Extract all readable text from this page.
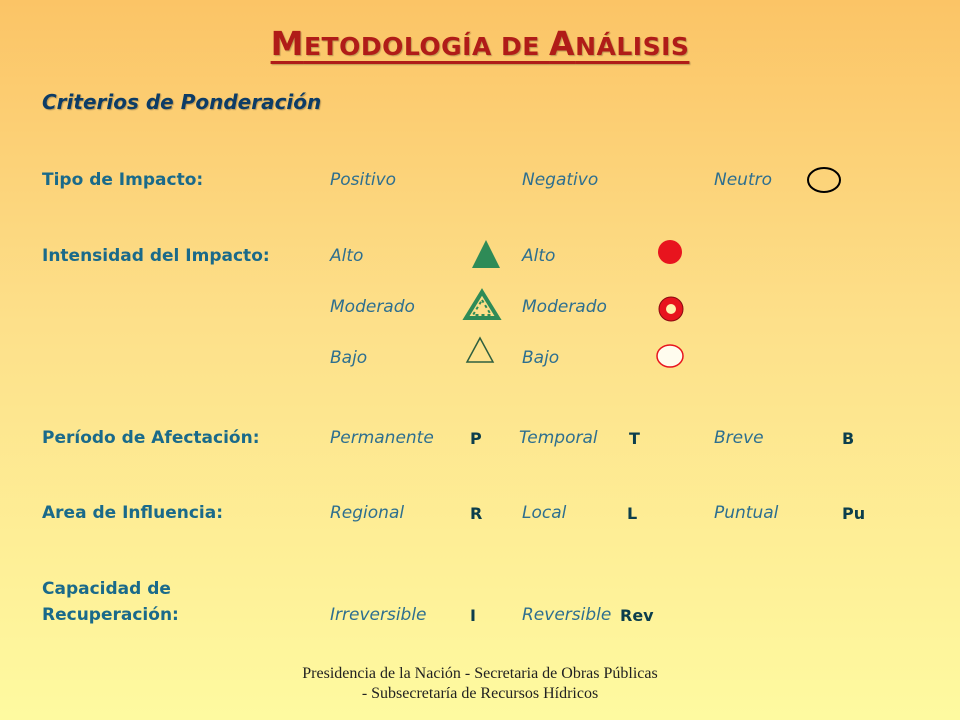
METODOLOGÍA DE ANÁLISIS
Criterios de Ponderación
Tipo de Impacto:	Positivo	Negativo	Neutro
Intensidad del Impacto:	Alto	Alto
Moderado	Moderado
Bajo	Bajo
Período de Afectación:	Permanente P Temporal T	Breve	B
Area de Influencia:	Regional	R Local	L	Puntual	Pu
Capacidad de
Recuperación:	Irreversible	I	Reversible Rev
Presidencia de la Nación - Secretaria de Obras Públicas - Subsecretaría de Recursos Hídricos
